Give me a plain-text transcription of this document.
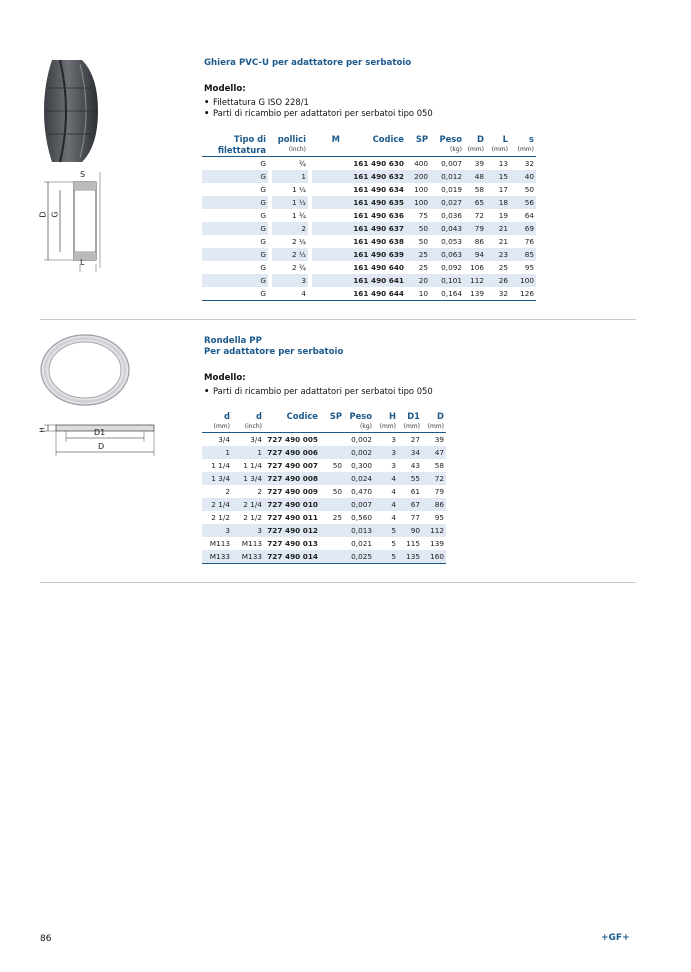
S
D G
L
Ghiera PVC-U per adattatore per serbatoio
Modello:
• Filettatura G ISO 228/1
• Parti di ricambio per adattatori per serbatoi tipo 050
Tipo di		pollici		M	Codice	SP	Peso	D	L	s
filettatura		(inch)					(kg)	(mm)	(mm)	(mm)
G		¾			161 490 630	400	0,007	39	13	32
G		1			161 490 632	200	0,012	48	15	40
G		1 ¼			161 490 634	100	0,019	58	17	50
G		1 ½			161 490 635	100	0,027	65	18	56
G		1 ¾			161 490 636	75	0,036	72	19	64
G		2			161 490 637	50	0,043	79	21	69
G		2 ¼			161 490 638	50	0,053	86	21	76
G		2 ½			161 490 639	25	0,063	94	23	85
G		2 ¾			161 490 640	25	0,092	106	25	95
G		3			161 490 641	20	0,101	112	26	100
G		4			161 490 644	10	0,164	139	32	126
H	D1
D
Rondella PP
Per adattatore per serbatoio
Modello:
• Parti di ricambio per adattatori per serbatoi tipo 050
d	d	Codice	SP	Peso	H	D1	D
(mm)	(inch)			(kg)	(mm)	(mm)	(mm)
3/4	3/4	727 490 005		0,002	3	27	39
1	1	727 490 006		0,002	3	34	47
1 1/4	1 1/4	727 490 007	50	0,300	3	43	58
1 3/4	1 3/4	727 490 008		0,024	4	55	72
2	2	727 490 009	50	0,470	4	61	79
2 1/4	2 1/4	727 490 010		0,007	4	67	86
2 1/2	2 1/2	727 490 011	25	0,560	4	77	95
3	3	727 490 012		0,013	5	90	112
M113	M113	727 490 013		0,021	5	115	139
M133	M133	727 490 014		0,025	5	135	160
86	+GF+
